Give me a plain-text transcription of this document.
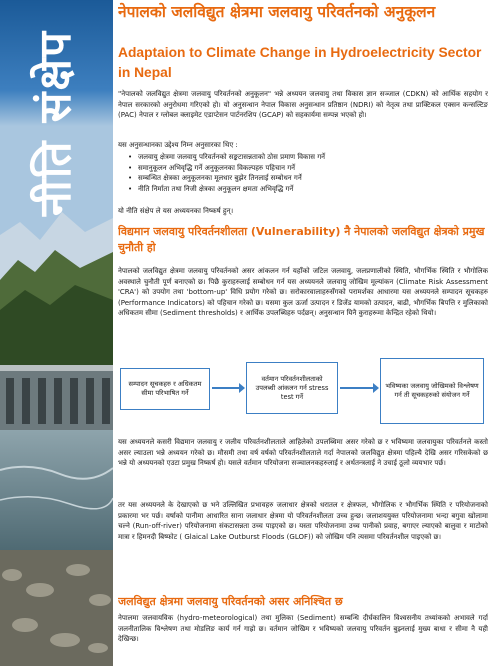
नीति संक्षेप
नेपालको जलविद्युत क्षेत्रमा जलवायु परिवर्तनको अनुकूलन
Adaptaion to Climate Change in Hydroelectricity Sector in Nepal

"नेपालको जलविद्युत क्षेत्रमा जलवायु परिवर्तनको अनुकूलन" भन्ने अध्ययन जलवायु तथा विकास ज्ञान सञ्जाल (CDKN) को आर्थिक सहयोग र नेपाल सरकारको अनुरोधमा गरिएको हो। यो अनुसन्धान नेपाल विकास अनुसन्धान प्रतिष्ठान (NDRI) को नेतृत्व तथा प्राक्टिकल एक्सन कन्सल्टिङ (PAC) नेपाल र ग्लोबल क्लाइमेट एडाप्टेसन पार्टनरशिप (GCAP) को सहकार्यमा सम्पन्न भएको हो।

यस अनुसन्धानका उद्देश्य निम्न अनुसारका थिए :

• जलवायु क्षेत्रमा जलवायु परिवर्तनको सङ्कटासन्नताको ठोस प्रमाण विकास गर्ने
• समानुकूलन अभिवृद्धि गर्ने अनुकूलनका विकल्पहरु पहिचान गर्ने
• सम्बन्धित क्षेत्रका अनुकूलनका मूलधार बुझेर तिनलाई सम्बोधन गर्ने
• नीति निर्माता तथा निजी क्षेत्रका अनुकूलन क्षमता अभिवृद्धि गर्ने

यो नीति संक्षेप ले यस अध्ययनका निष्कर्ष हुन्।

विद्यमान जलवायु परिवर्तनशीलता (Vulnerability) नै नेपालको जलविद्युत क्षेत्रको प्रमुख चुनौती हो

नेपालको जलविद्युत क्षेत्रमा जलवायु परिवर्तनको असर आंकलन गर्न यहाँको जटिल जलवायु, जलप्रणालीको स्थिति, भौगर्भिक स्थिति र भौगोलिक अवस्थाले चुनौती पूर्ण बनाएको छ। पिछै कुराहरुलाई सम्बोधन गर्न यस अध्ययनले जलवायु जोखिम मूल्यांकन (Climate Risk Assessment 'CRA') को उपयोग तथा 'bottom-up' विधि प्रयोग गरेको छ। सरोकारवालाहरुसँगको परामर्शका आधारमा यस अध्ययनले सम्पादन सूचकहरु (Performance Indicators) को पहिचान गरेको छ। यसमा कुल ऊर्जा उत्पादन र डिजेंड यामको उत्पादन, बाढी, भौगर्भिक बिपत्ति र मुलिकाको अधिकतम सीमा (Sediment thresholds) र आर्थिक उपलब्धिहरु पर्दछन्। अनुसन्धान यिनै कुराहरूमा केन्द्रित रहेको थियो।

सम्पादन सूचकहरु र अधिकतम सीमा परिभाषित गर्ने
वर्तमान परिवर्तनशीलताको उपलब्धी आंकलन गर्न stress test गर्ने
भविष्यका जलवायु जोखिमको विश्लेषण गर्न ती सूचकहरुको संयोजन गर्ने

यस अध्ययनले कसरी विद्यमान जलवायु र जलीय परिवर्तनशीलताले आहिलेको उपलब्धिमा असर गरेको छ र भविष्यमा जलवायुका परिवर्तनले कस्तो असर ल्याउला भन्ने अध्ययन गरेको छ। मौसमी तथा वर्ष वर्षको परिवर्तनशीलताले गर्दा नेपालको जलविद्युत क्षेत्रमा पहिल्यै देखि असर गरिसकेको छ भन्ने यो अध्ययनको एउटा प्रमुख निष्कर्ष हो। यसले वर्तमान परियोजना सञ्चालनकहरुलाई र अर्थतन्त्रलाई ने उचाई ठूलो व्ययभार पर्छ।

तर यस अध्ययनले के देखाएको छ भने उल्लिखित प्रभावहरु जलाधार क्षेत्रको धरातल र क्षेत्रफल, भौगोलिक र भौगर्भिक स्थिति र परियोजनाको प्रकारमा भर पर्छ। वर्षाको पानीमा आधारित साना जलाधार क्षेत्रमा यो परिवर्तनशीलता उच्च हुन्छ। जलाशययुक्त परियोजनामा भन्दा बगुवा खोलामा चल्ने (Run-off-river) परियोजनामा संकटासन्नता उच्च पाइएको छ। यस्ता परियोजनामा उच्च पानीको प्रवाह, बगाएर ल्याएको बालुवा र माटोको मात्रा र हिमनदी बिष्फोट ( Glaical Lake Outburst Floods (GLOF)) को जोखिम पनि त्यसमा परिवर्तनशील पाइएको छ।

जलविद्युत क्षेत्रमा जलवायु परिवर्तनको असर अनिश्चित छ

नेपालमा जलवायविक (hydro-meteorological) तथा मुलिका (Sediment) सम्बन्धि दीर्घकालिन विश्वसनीय तथ्यांकको अभावले गर्दा जलनीतालिक विश्लेषण तथा मोडलिङ कार्य गर्न गाह्रो छ। वर्तमान जोखिम र भविष्यको जलवायु परिवर्तन बुझ्नलाई मुख्य बाधा र सीमा नै यही देखिन्छ।
